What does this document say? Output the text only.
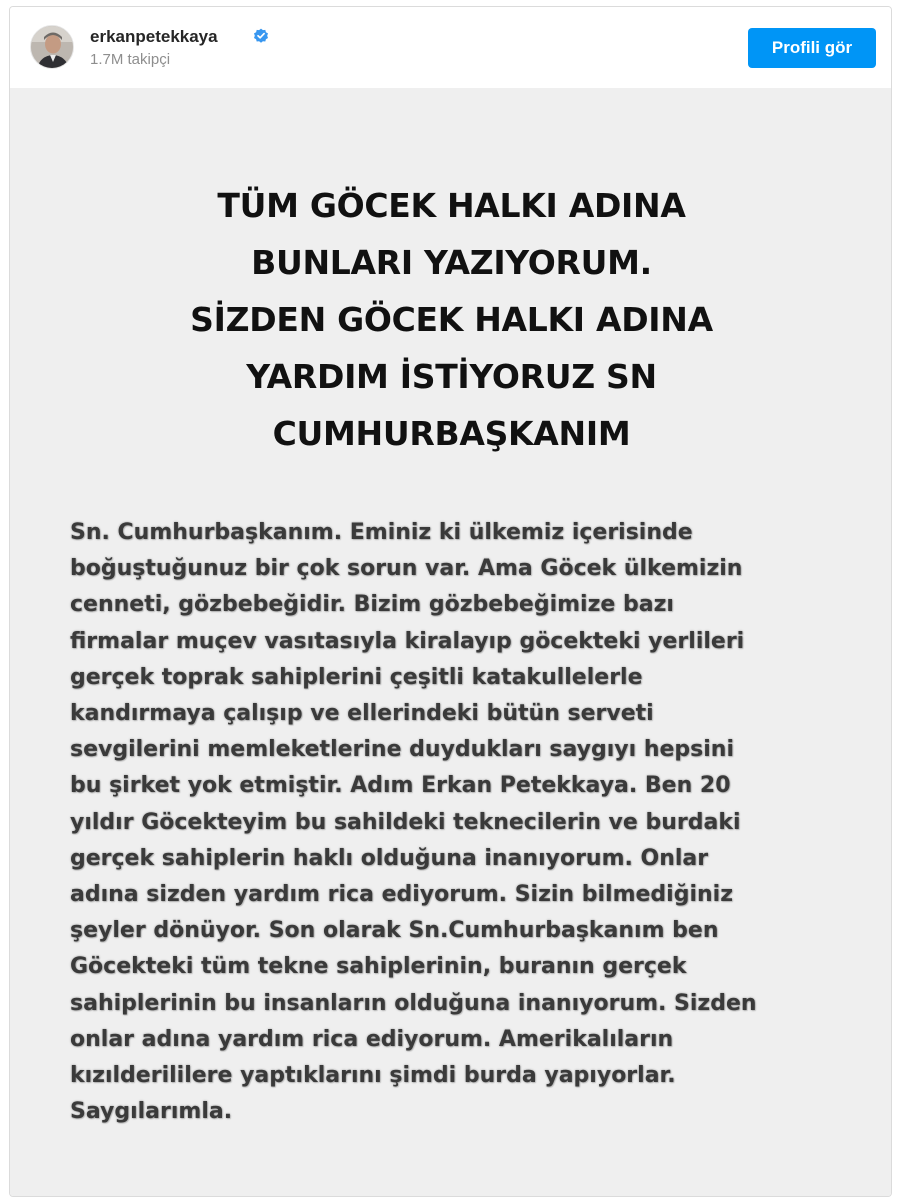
erkanpetekkaya
1.7M takipçi
Profili gör
TÜM GÖCEK HALKI ADINA
BUNLARI YAZIYORUM.
SİZDEN GÖCEK HALKI ADINA
YARDIM İSTİYORUZ SN
CUMHURBAŞKANIM
Sn. Cumhurbaşkanım. Eminiz ki ülkemiz içerisinde
boğuştuğunuz bir çok sorun var. Ama Göcek ülkemizin
cenneti, gözbebeğidir. Bizim gözbebeğimize bazı
firmalar muçev vasıtasıyla kiralayıp göcekteki yerlileri
gerçek toprak sahiplerini çeşitli katakullelerle
kandırmaya çalışıp ve ellerindeki bütün serveti
sevgilerini memleketlerine duydukları saygıyı hepsini
bu şirket yok etmiştir. Adım Erkan Petekkaya. Ben 20
yıldır Göcekteyim bu sahildeki teknecilerin ve burdaki
gerçek sahiplerin haklı olduğuna inanıyorum. Onlar
adına sizden yardım rica ediyorum. Sizin bilmediğiniz
şeyler dönüyor. Son olarak Sn.Cumhurbaşkanım ben
Göcekteki tüm tekne sahiplerinin, buranın gerçek
sahiplerinin bu insanların olduğuna inanıyorum. Sizden
onlar adına yardım rica ediyorum. Amerikalıların
kızılderililere yaptıklarını şimdi burda yapıyorlar.
Saygılarımla.
